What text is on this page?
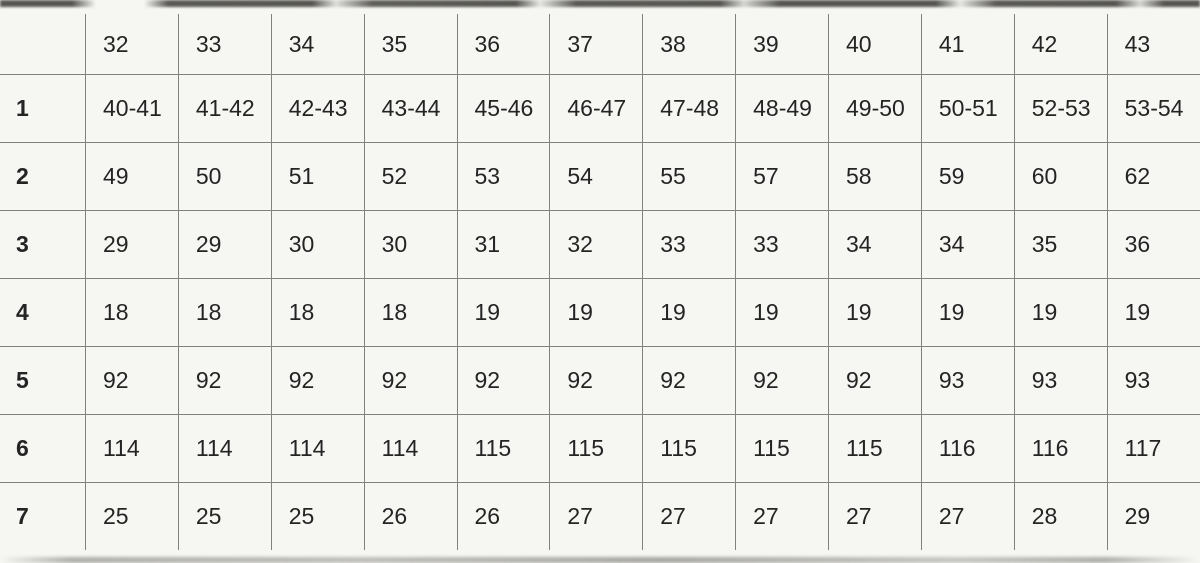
	32	33	34	35	36	37	38	39	40	41	42	43
1	40-41	41-42	42-43	43-44	45-46	46-47	47-48	48-49	49-50	50-51	52-53	53-54
2	49	50	51	52	53	54	55	57	58	59	60	62
3	29	29	30	30	31	32	33	33	34	34	35	36
4	18	18	18	18	19	19	19	19	19	19	19	19
5	92	92	92	92	92	92	92	92	92	93	93	93
6	114	114	114	114	115	115	115	115	115	116	116	117
7	25	25	25	26	26	27	27	27	27	27	28	29
